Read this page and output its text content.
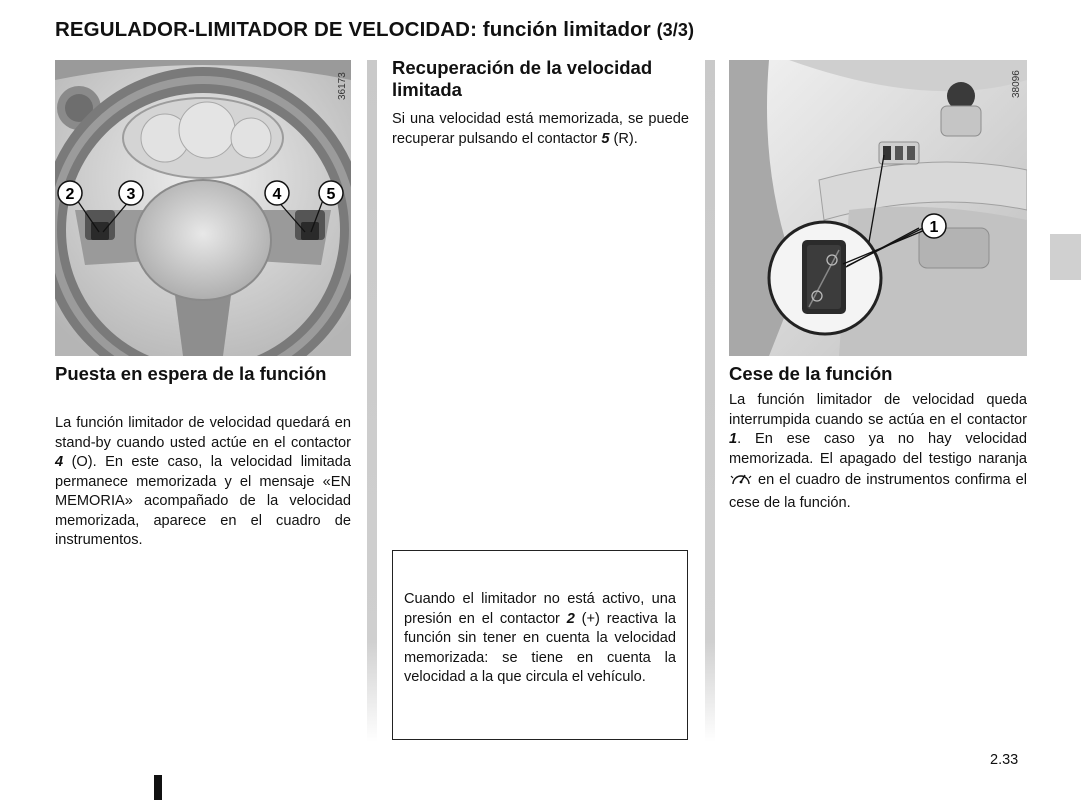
REGULADOR-LIMITADOR DE VELOCIDAD: función limitador (3/3)
2	3	4	5
36173
Puesta en espera de la función
La función limitador de velocidad quedará en stand-by cuando usted actúe en el contactor 4 (O). En este caso, la velocidad limitada permanece memorizada y el mensaje «EN MEMORIA» acompañado de la velocidad memorizada, aparece en el cuadro de instrumentos.
Recuperación de la velocidad limitada
Si una velocidad está memorizada, se puede recuperar pulsando el contactor 5 (R).
Cuando el limitador no está activo, una presión en el contactor 2 (+) reactiva la función sin tener en cuenta la velocidad memorizada: se tiene en cuenta la velocidad a la que circula el vehículo.
1
38096
Cese de la función
La función limitador de velocidad queda interrumpida cuando se actúa en el contactor 1. En ese caso ya no hay velocidad memorizada. El apagado del testigo naranja  en el cuadro de instrumentos confirma el cese de la función.
2.33
